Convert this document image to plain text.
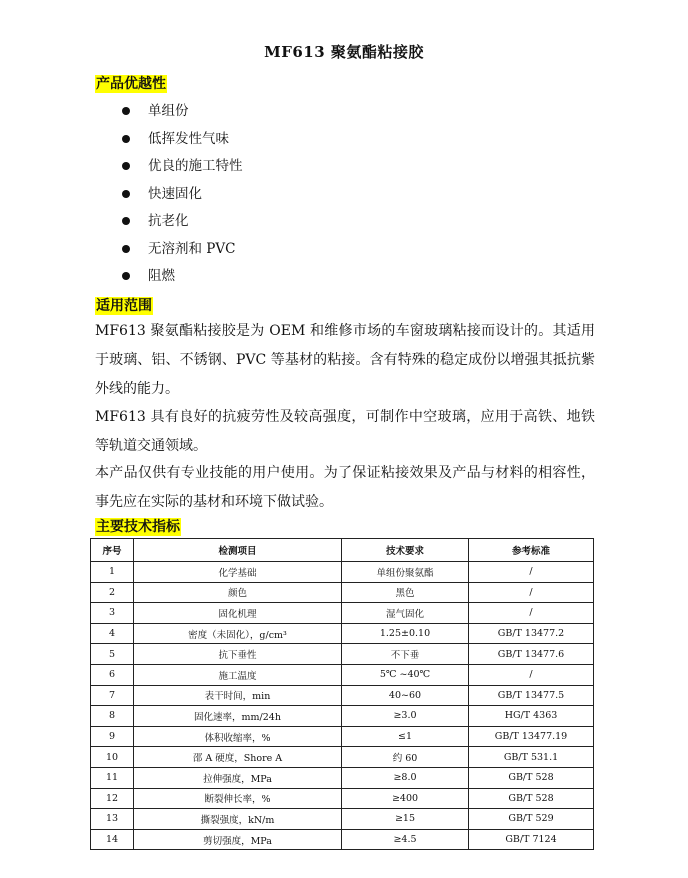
MF613 聚氨酯粘接胶
产品优越性
单组份
低挥发性气味
优良的施工特性
快速固化
抗老化
无溶剂和 PVC
阻燃
适用范围

MF613 聚氨酯粘接胶是为 OEM 和维修市场的车窗玻璃粘接而设计的。其适用于玻璃、铝、不锈钢、PVC 等基材的粘接。含有特殊的稳定成份以增强其抵抗紫外线的能力。

MF613 具有良好的抗疲劳性及较高强度，可制作中空玻璃，应用于高铁、地铁等轨道交通领域。

本产品仅供有专业技能的用户使用。为了保证粘接效果及产品与材料的相容性，事先应在实际的基材和环境下做试验。

主要技术指标
序号	检测项目	技术要求	参考标准
1	化学基础	单组份聚氨酯	/
2	颜色	黑色	/
3	固化机理	湿气固化	/
4	密度（未固化），g/cm³	1.25±0.10	GB/T 13477.2
5	抗下垂性	不下垂	GB/T 13477.6
6	施工温度	5℃ ~40℃	/
7	表干时间，min	40~60	GB/T 13477.5
8	固化速率，mm/24h	≥3.0	HG/T 4363
9	体积收缩率，%	≤1	GB/T 13477.19
10	邵 A 硬度，Shore A	约 60	GB/T 531.1
11	拉伸强度，MPa	≥8.0	GB/T 528
12	断裂伸长率，%	≥400	GB/T 528
13	撕裂强度，kN/m	≥15	GB/T 529
14	剪切强度，MPa	≥4.5	GB/T 7124
